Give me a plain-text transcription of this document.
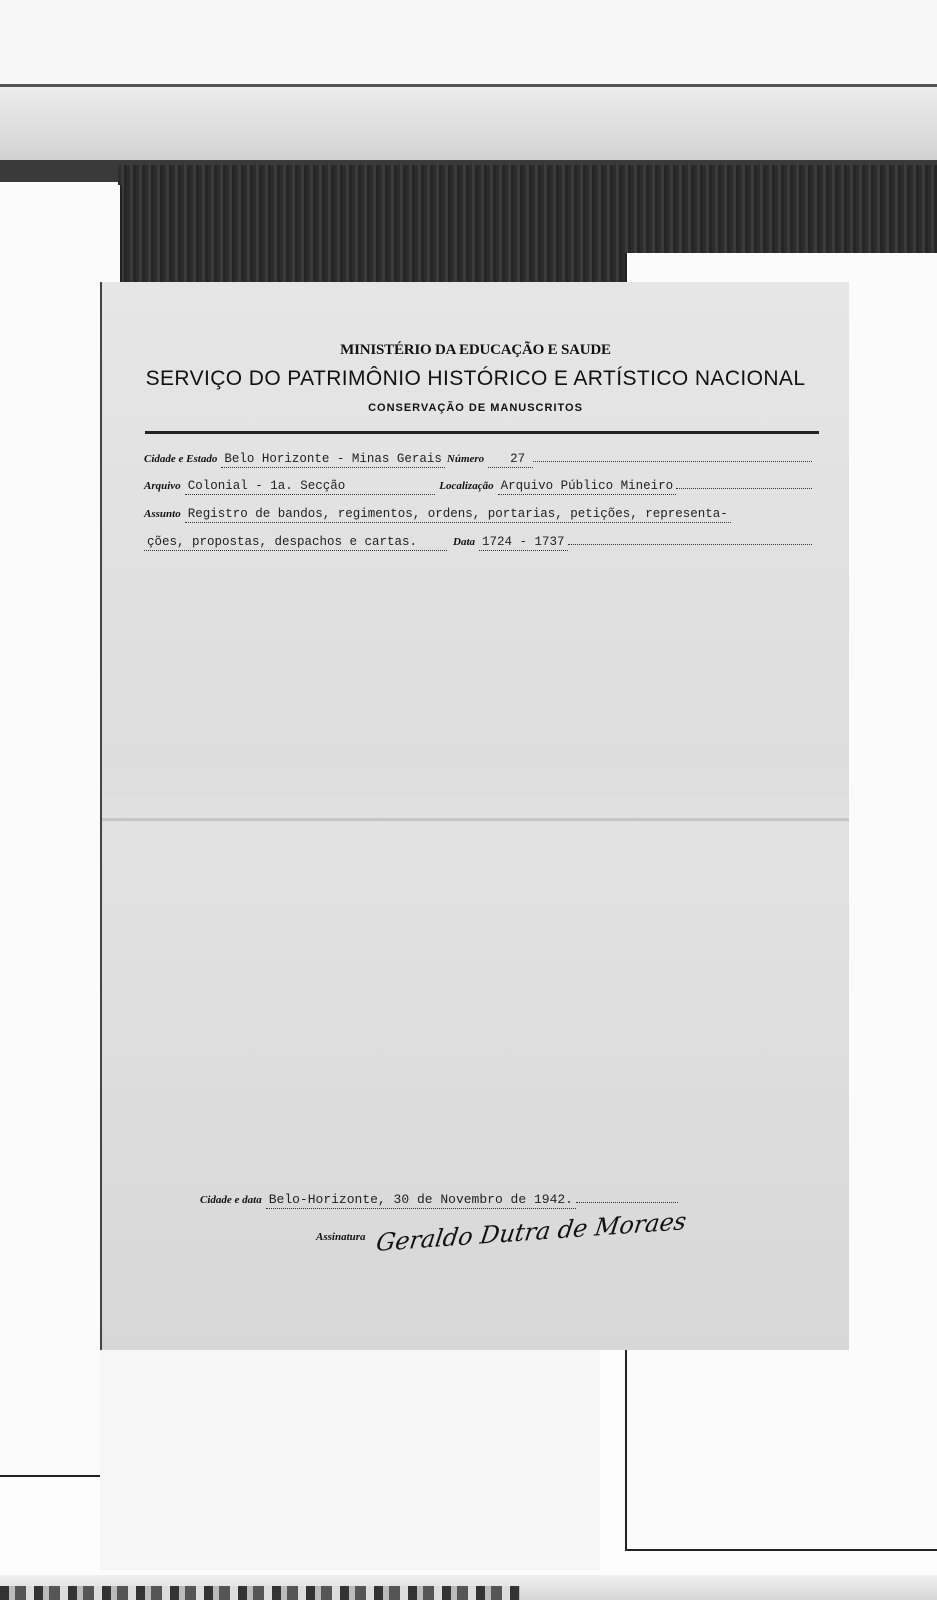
MINISTÉRIO DA EDUCAÇÃO E SAUDE
SERVIÇO DO PATRIMÔNIO HISTÓRICO E ARTÍSTICO NACIONAL
CONSERVAÇÃO DE MANUSCRITOS
Cidade e Estado Belo Horizonte - Minas Gerais Número	27
Arquivo Colonial - 1a. Secção	Localização Arquivo Público Mineiro
Assunto Registro de bandos, regimentos, ordens, portarias, petições, representa-
ções, propostas, despachos e cartas.	Data 1724 - 1737
Cidade e data Belo-Horizonte, 30 de Novembro de 1942.
Assinatura Geraldo Dutra de Moraes
